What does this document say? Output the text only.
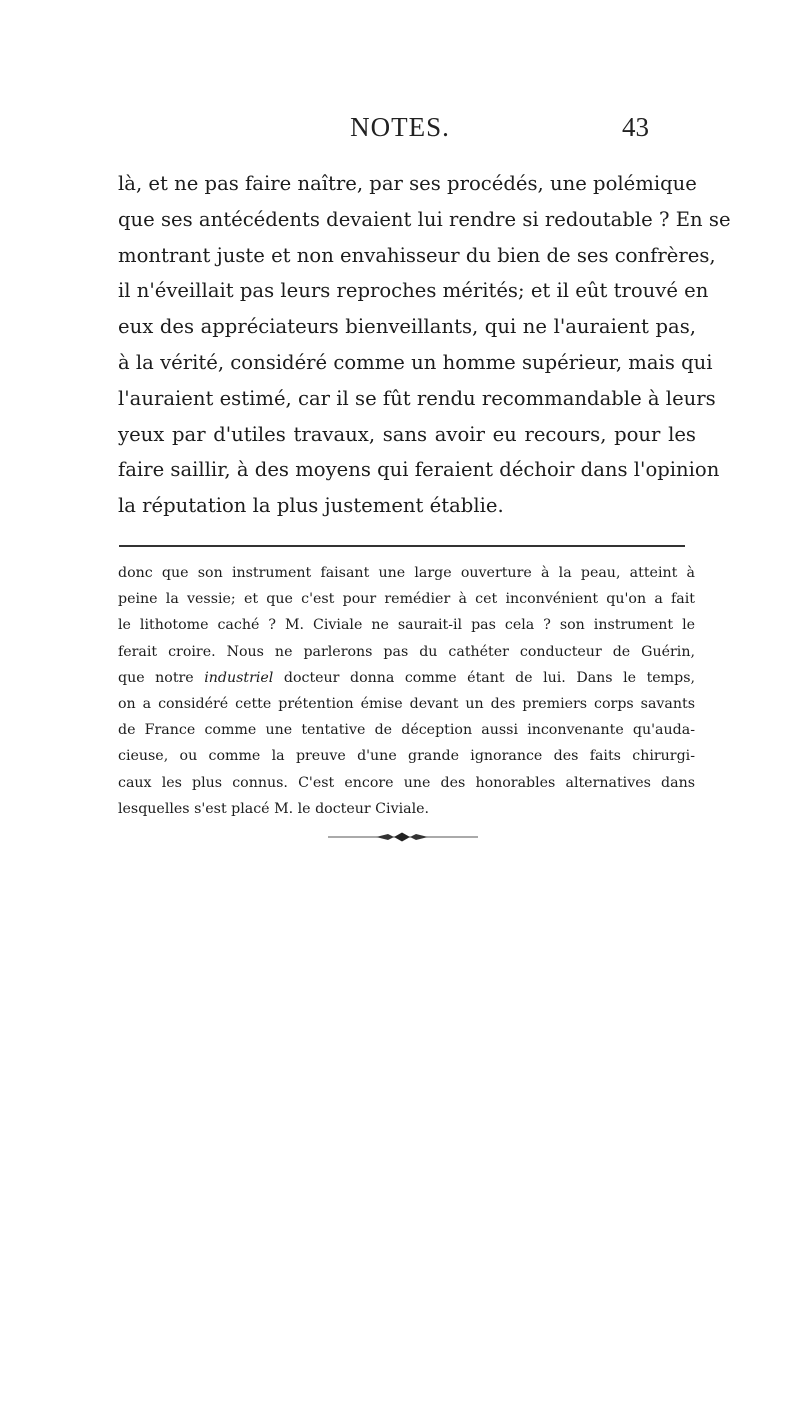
NOTES.	43
là, et ne pas faire naître, par ses procédés, une polémique
que ses antécédents devaient lui rendre si redoutable ? En se
montrant juste et non envahisseur du bien de ses confrères,
il n'éveillait pas leurs reproches mérités; et il eût trouvé en
eux des appréciateurs bienveillants, qui ne l'auraient pas,
à la vérité, considéré comme un homme supérieur, mais qui
l'auraient estimé, car il se fût rendu recommandable à leurs
yeux par d'utiles travaux, sans avoir eu recours, pour les
faire saillir, à des moyens qui feraient déchoir dans l'opinion
la réputation la plus justement établie.
donc que son instrument faisant une large ouverture à la peau, atteint à
peine la vessie; et que c'est pour remédier à cet inconvénient qu'on a fait
le lithotome caché ? M. Civiale ne saurait-il pas cela ? son instrument le
ferait croire. Nous ne parlerons pas du cathéter conducteur de Guérin,
que notre industriel docteur donna comme étant de lui. Dans le temps,
on a considéré cette prétention émise devant un des premiers corps savants
de France comme une tentative de déception aussi inconvenante qu'auda-
cieuse, ou comme la preuve d'une grande ignorance des faits chirurgi-
caux les plus connus. C'est encore une des honorables alternatives dans
lesquelles s'est placé M. le docteur Civiale.
